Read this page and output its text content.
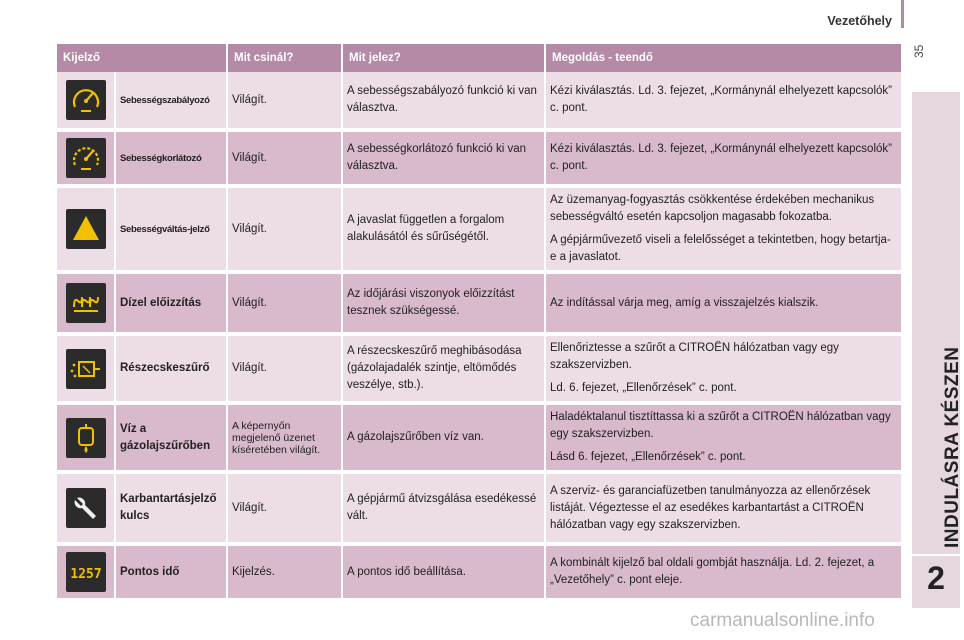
Vezetőhely
35
INDULÁSRA KÉSZEN
2
Kijelző		Mit csinál?	Mit jelez?	Megoldás - teendő

	Sebességszabályozó	Világít.	A sebességszabályozó funkció ki van választva.	Kézi kiválasztás. Ld. 3. fejezet, „Kormánynál elhelyezett kapcsolók” c. pont.

	Sebességkorlátozó	Világít.	A sebességkorlátozó funkció ki van választva.	Kézi kiválasztás. Ld. 3. fejezet, „Kormánynál elhelyezett kapcsolók” c. pont.

	Sebességváltás-jelző	Világít.	A javaslat független a forgalom alakulásától és sűrűségétől.	Az üzemanyag-fogyasztás csökkentése érdekében mechanikus sebességváltó esetén kapcsoljon magasabb fokozatba.
A gépjárművezető viseli a felelősséget a tekintetben, hogy betartja-e a javaslatot.

	Dízel előizzítás	Világít.	Az időjárási viszonyok előizzítást tesznek szükségessé.	Az indítással várja meg, amíg a visszajelzés kialszik.

	Részecskeszűrő	Világít.	A részecskeszűrő meghibásodása (gázolajadalék szintje, eltömődés veszélye, stb.).	Ellenőriztesse a szűrőt a CITROËN hálózatban vagy egy szakszervizben.
Ld. 6. fejezet, „Ellenőrzések” c. pont.

	Víz a gázolajszűrőben	A képernyőn megjelenő üzenet kíséretében világít.	A gázolajszűrőben víz van.	Haladéktalanul tisztíttassa ki a szűrőt a CITROËN hálózatban vagy egy szakszervizben.
Lásd 6. fejezet, „Ellenőrzések” c. pont.

	Karbantartásjelző kulcs	Világít.	A gépjármű átvizsgálása esedékessé vált.	A szerviz- és garanciafüzetben tanulmányozza az ellenőrzések listáját. Végeztesse el az esedékes karbantartást a CITROËN hálózatban vagy egy szakszervizben.

1257	Pontos idő	Kijelzés.	A pontos idő beállítása.	A kombinált kijelző bal oldali gombját használja. Ld. 2. fejezet, a „Vezetőhely” c. pont eleje.
carmanualsonline.info
